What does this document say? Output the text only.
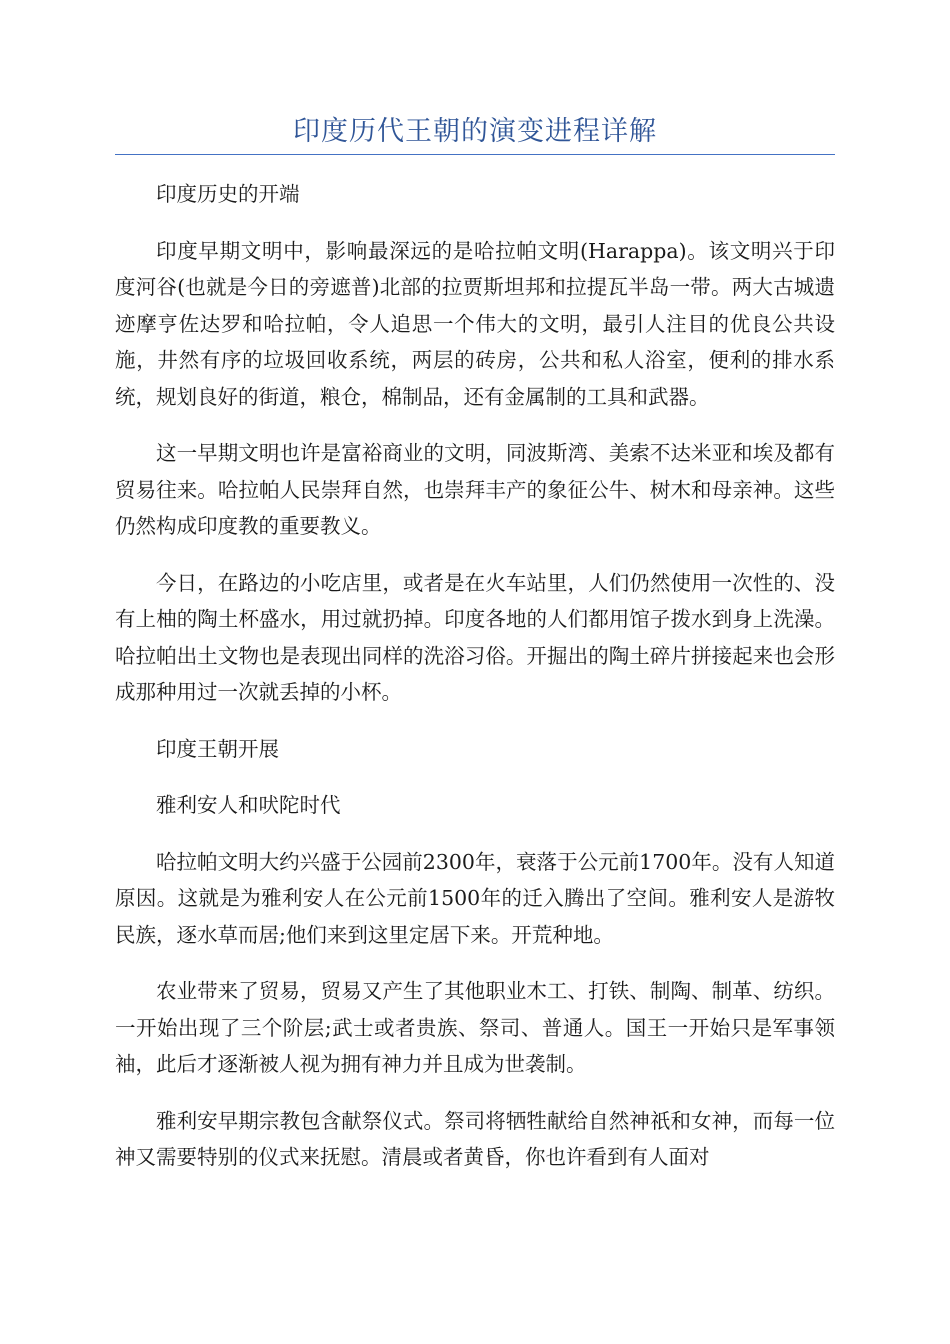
印度历代王朝的演变进程详解

印度历史的开端

印度早期文明中，影响最深远的是哈拉帕文明(Harappa)。该文明兴于印度河谷(也就是今日的旁遮普)北部的拉贾斯坦邦和拉提瓦半岛一带。两大古城遗迹摩亨佐达罗和哈拉帕，令人追思一个伟大的文明，最引人注目的优良公共设施，井然有序的垃圾回收系统，两层的砖房，公共和私人浴室，便利的排水系统，规划良好的街道，粮仓，棉制品，还有金属制的工具和武器。

这一早期文明也许是富裕商业的文明，同波斯湾、美索不达米亚和埃及都有贸易往来。哈拉帕人民崇拜自然，也崇拜丰产的象征公牛、树木和母亲神。这些仍然构成印度教的重要教义。

今日，在路边的小吃店里，或者是在火车站里，人们仍然使用一次性的、没有上柚的陶土杯盛水，用过就扔掉。印度各地的人们都用馆子拨水到身上洗澡。哈拉帕出土文物也是表现出同样的洗浴习俗。开掘出的陶土碎片拼接起来也会形成那种用过一次就丢掉的小杯。

印度王朝开展

雅利安人和吠陀时代

哈拉帕文明大约兴盛于公园前2300年，衰落于公元前1700年。没有人知道原因。这就是为雅利安人在公元前1500年的迁入腾出了空间。雅利安人是游牧民族，逐水草而居;他们来到这里定居下来。开荒种地。

农业带来了贸易，贸易又产生了其他职业木工、打铁、制陶、制革、纺织。一开始出现了三个阶层;武士或者贵族、祭司、普通人。国王一开始只是军事领袖，此后才逐渐被人视为拥有神力并且成为世袭制。

雅利安早期宗教包含献祭仪式。祭司将牺牲献给自然神祇和女神，而每一位神又需要特别的仪式来抚慰。清晨或者黄昏，你也许看到有人面对
